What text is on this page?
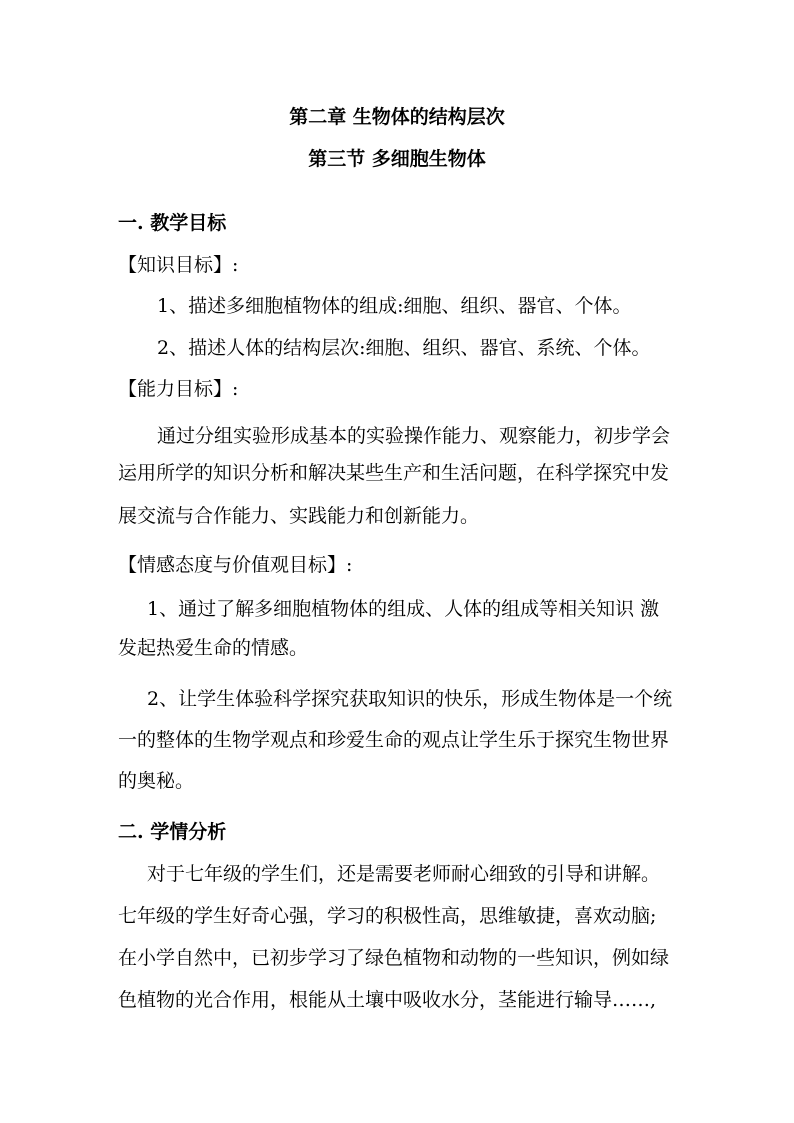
第二章 生物体的结构层次
第三节 多细胞生物体
一. 教学目标
【知识目标】:
1、描述多细胞植物体的组成:细胞、组织、器官、个体。
2、描述人体的结构层次:细胞、组织、器官、系统、个体。
【能力目标】:
通过分组实验形成基本的实验操作能力、观察能力，初步学会
运用所学的知识分析和解决某些生产和生活问题，在科学探究中发
展交流与合作能力、实践能力和创新能力。
【情感态度与价值观目标】:
1、通过了解多细胞植物体的组成、人体的组成等相关知识 激
发起热爱生命的情感。
2、让学生体验科学探究获取知识的快乐，形成生物体是一个统
一的整体的生物学观点和珍爱生命的观点让学生乐于探究生物世界
的奥秘。
二. 学情分析
对于七年级的学生们，还是需要老师耐心细致的引导和讲解。
七年级的学生好奇心强，学习的积极性高，思维敏捷，喜欢动脑;
在小学自然中，已初步学习了绿色植物和动物的一些知识，例如绿
色植物的光合作用，根能从土壤中吸收水分，茎能进行输导……,
